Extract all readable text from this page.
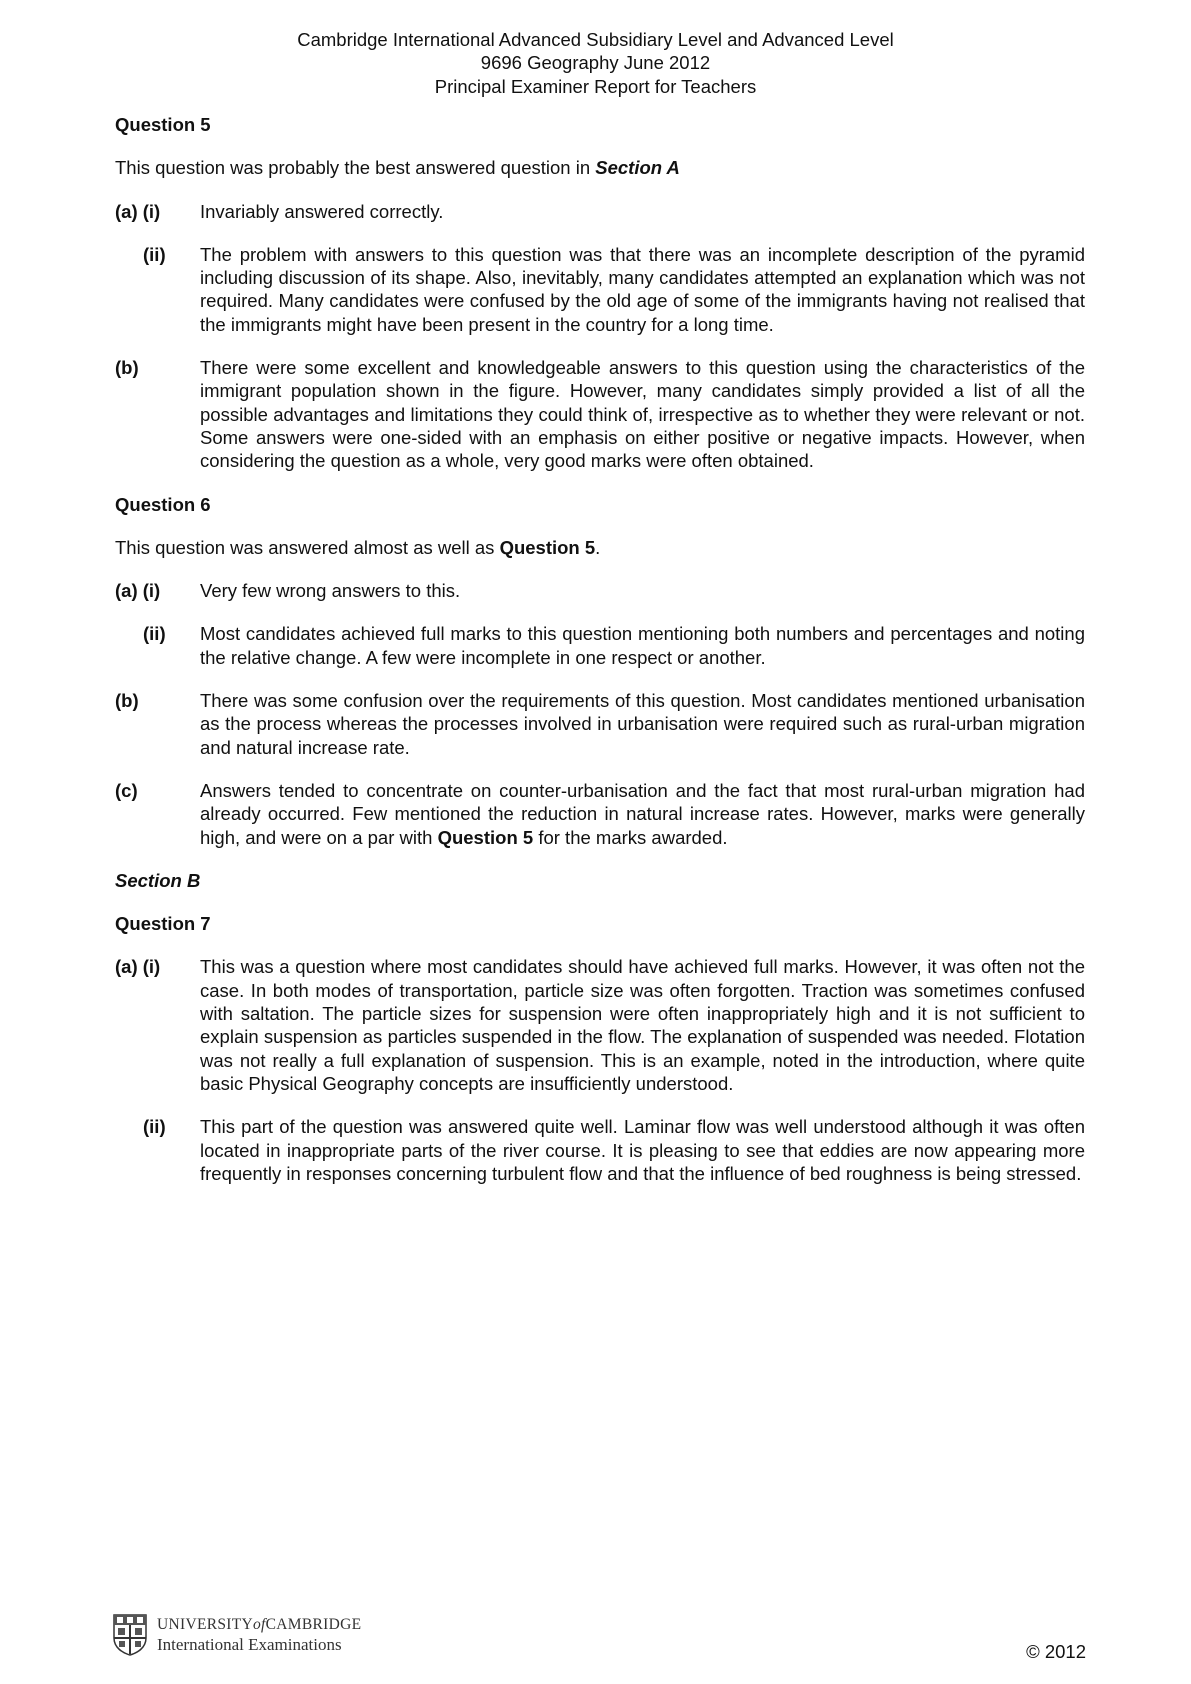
Cambridge International Advanced Subsidiary Level and Advanced Level
9696 Geography June 2012
Principal Examiner Report for Teachers

Question 5

This question was probably the best answered question in Section A

(a) (i)	Invariably answered correctly.
(ii)	The problem with answers to this question was that there was an incomplete description of the pyramid including discussion of its shape. Also, inevitably, many candidates attempted an explanation which was not required. Many candidates were confused by the old age of some of the immigrants having not realised that the immigrants might have been present in the country for a long time.
(b)	There were some excellent and knowledgeable answers to this question using the characteristics of the immigrant population shown in the figure. However, many candidates simply provided a list of all the possible advantages and limitations they could think of, irrespective as to whether they were relevant or not. Some answers were one-sided with an emphasis on either positive or negative impacts. However, when considering the question as a whole, very good marks were often obtained.

Question 6

This question was answered almost as well as Question 5.

(a) (i)	Very few wrong answers to this.
(ii)	Most candidates achieved full marks to this question mentioning both numbers and percentages and noting the relative change. A few were incomplete in one respect or another.
(b)	There was some confusion over the requirements of this question. Most candidates mentioned urbanisation as the process whereas the processes involved in urbanisation were required such as rural-urban migration and natural increase rate.
(c)	Answers tended to concentrate on counter-urbanisation and the fact that most rural-urban migration had already occurred. Few mentioned the reduction in natural increase rates. However, marks were generally high, and were on a par with Question 5 for the marks awarded.

Section B

Question 7

(a) (i)	This was a question where most candidates should have achieved full marks. However, it was often not the case. In both modes of transportation, particle size was often forgotten. Traction was sometimes confused with saltation. The particle sizes for suspension were often inappropriately high and it is not sufficient to explain suspension as particles suspended in the flow. The explanation of suspended was needed. Flotation was not really a full explanation of suspension. This is an example, noted in the introduction, where quite basic Physical Geography concepts are insufficiently understood.
(ii)	This part of the question was answered quite well. Laminar flow was well understood although it was often located in inappropriate parts of the river course. It is pleasing to see that eddies are now appearing more frequently in responses concerning turbulent flow and that the influence of bed roughness is being stressed.
UNIVERSITYofCAMBRIDGE
International Examinations	© 2012
